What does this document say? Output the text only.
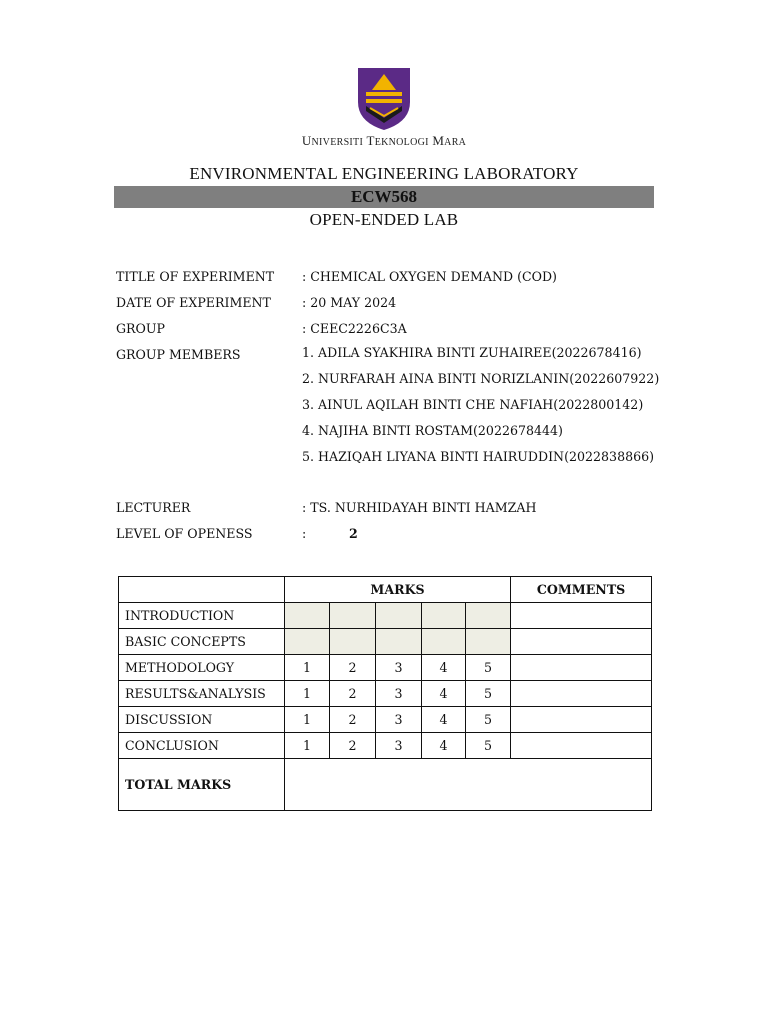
UNIVERSITI TEKNOLOGI MARA
ENVIRONMENTAL ENGINEERING LABORATORY
ECW568
OPEN-ENDED LAB
TITLE OF EXPERIMENT : CHEMICAL OXYGEN DEMAND (COD)
DATE OF EXPERIMENT : 20 MAY 2024
GROUP	: CEEC2226C3A
GROUP MEMBERS	1. ADILA SYAKHIRA BINTI ZUHAIREE(2022678416)
2. NURFARAH AINA BINTI NORIZLANIN(2022607922)
3. AINUL AQILAH BINTI CHE NAFIAH(2022800142)
4. NAJIHA BINTI ROSTAM(2022678444)
5. HAZIQAH LIYANA BINTI HAIRUDDIN(2022838866)
LECTURER	: TS. NURHIDAYAH BINTI HAMZAH
LEVEL OF OPENESS	:	2
	MARKS					COMMENTS
INTRODUCTION						
BASIC CONCEPTS						
METHODOLOGY	1	2	3	4	5	
RESULTS&ANALYSIS	1	2	3	4	5	
DISCUSSION	1	2	3	4	5	
CONCLUSION	1	2	3	4	5	
TOTAL MARKS						
